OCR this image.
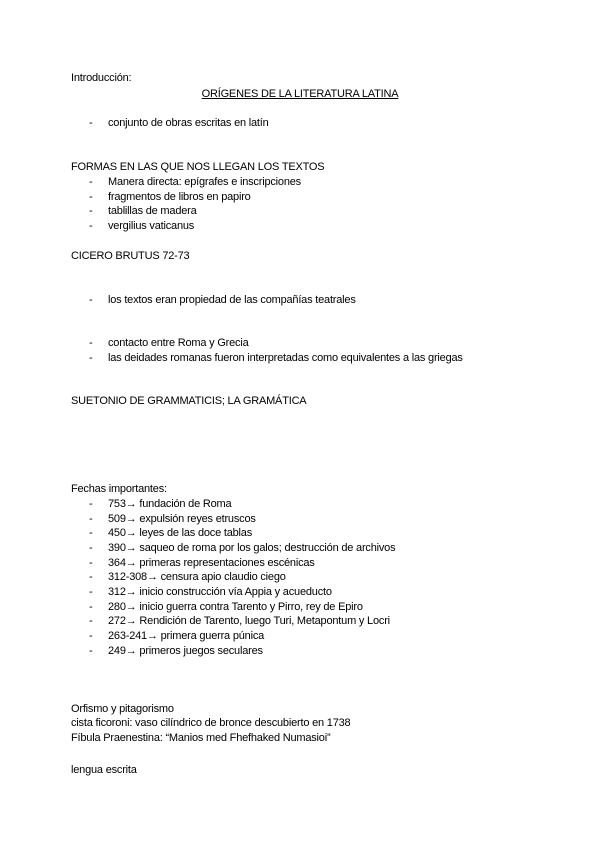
Introducción:
ORÍGENES DE LA LITERATURA LATINA
- conjunto de obras escritas en latín
FORMAS EN LAS QUE NOS LLEGAN LOS TEXTOS
- Manera directa: epígrafes e inscripciones
- fragmentos de libros en papiro
- tablillas de madera
- vergilius vaticanus
CICERO BRUTUS 72-73
- los textos eran propiedad de las compañías teatrales
- contacto entre Roma y Grecia
- las deidades romanas fueron interpretadas como equivalentes a las griegas
SUETONIO DE GRAMMATICIS; LA GRAMÁTICA
Fechas importantes:
- 753→ fundación de Roma
- 509→ expulsión reyes etruscos
- 450→ leyes de las doce tablas
- 390→ saqueo de roma por los galos; destrucción de archivos
- 364→ primeras representaciones escénicas
- 312-308→ censura apio claudio ciego
- 312→ inicio construcción vía Appia y acueducto
- 280→ inicio guerra contra Tarento y Pirro, rey de Epiro
- 272→ Rendición de Tarento, luego Turi, Metapontum y Locri
- 263-241→ primera guerra púnica
- 249→ primeros juegos seculares
Orfismo y pitagorismo
cista ficoroni: vaso cilíndrico de bronce descubierto en 1738
Fíbula Praenestina: “Manios med Fhefhaked Numasioi”
lengua escrita
